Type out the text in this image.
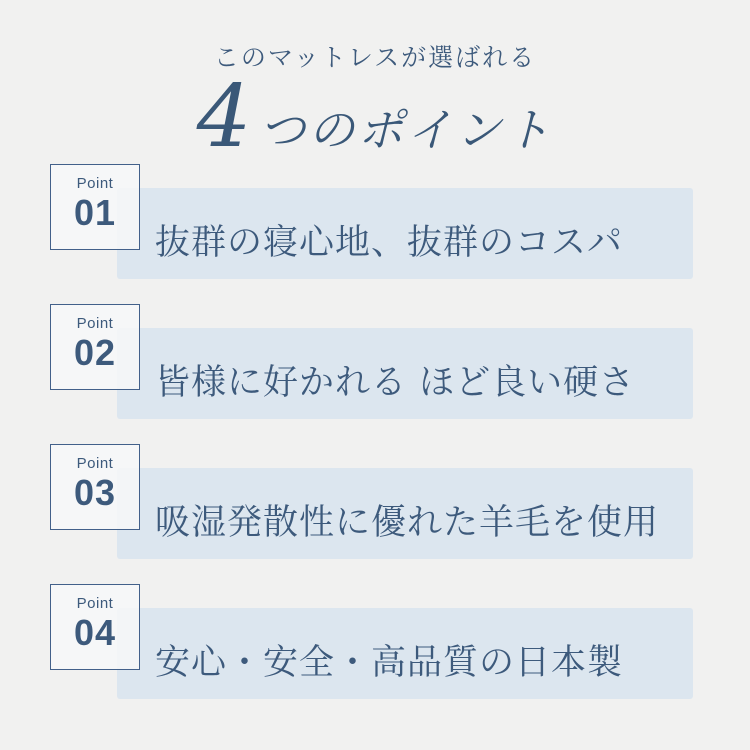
このマットレスが選ばれる
4 つのポイント
抜群の寝心地、抜群のコスパ
Point
01
皆様に好かれる ほど良い硬さ
Point
02
吸湿発散性に優れた羊毛を使用
Point
03
安心・安全・高品質の日本製
Point
04
